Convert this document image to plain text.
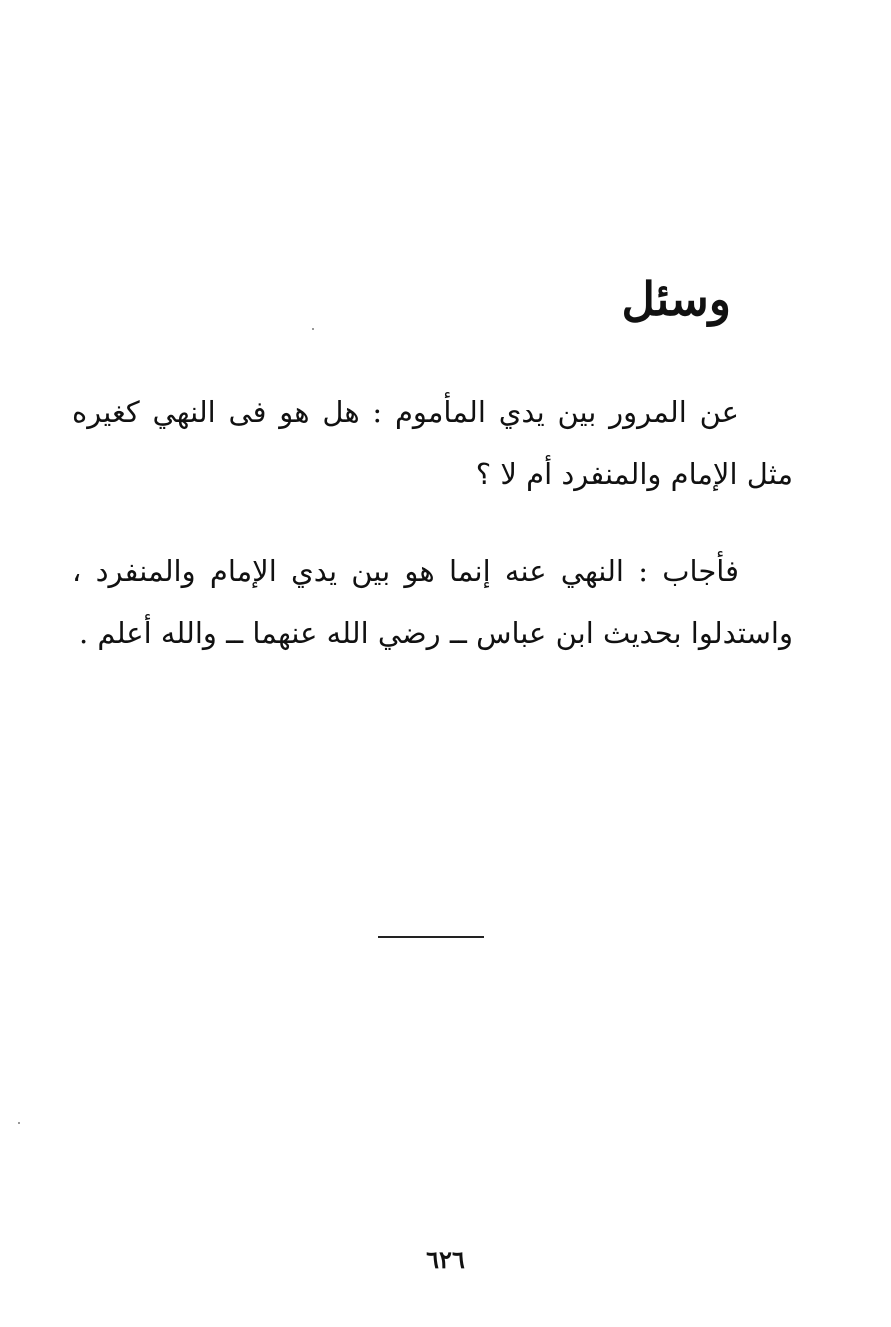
وسئل

عن المرور بين يدي المأموم : هل هو فى النهي كغيره مثل الإمام والمنفرد أم لا ؟

فأجاب : النهي عنه إنما هو بين يدي الإمام والمنفرد ، واستدلوا بحديث ابن عباس ــ رضي الله عنهما ــ والله أعلم .

٦٢٦
